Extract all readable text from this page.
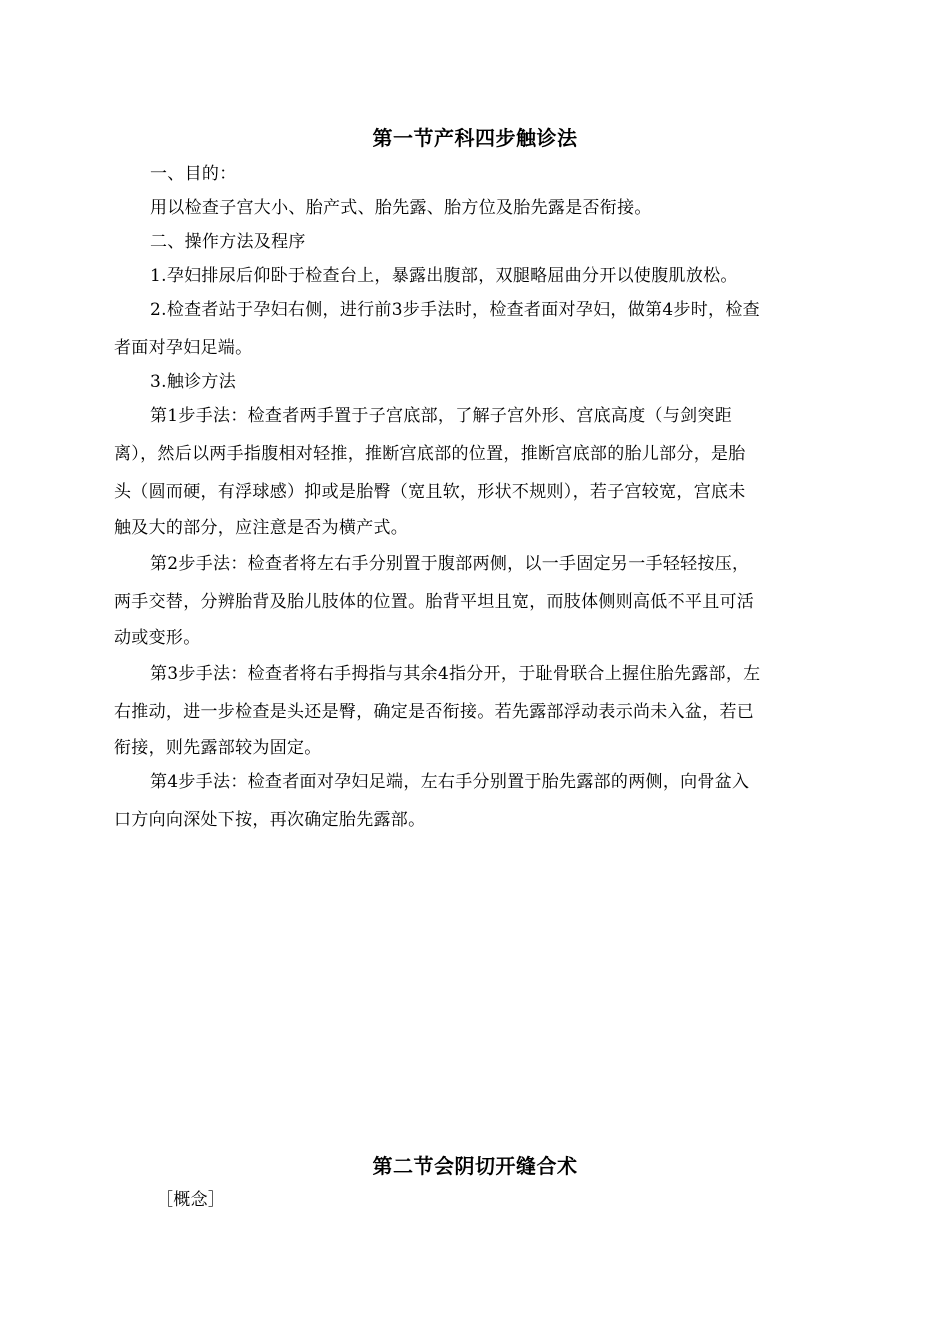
第一节产科四步触诊法
一、目的：
用以检查子宫大小、胎产式、胎先露、胎方位及胎先露是否衔接。
二、操作方法及程序
1.孕妇排尿后仰卧于检查台上，暴露出腹部，双腿略屈曲分开以使腹肌放松。
2.检查者站于孕妇右侧，进行前3步手法时，检查者面对孕妇，做第4步时，检查
者面对孕妇足端。
3.触诊方法
第1步手法：检查者两手置于子宫底部，了解子宫外形、宫底高度（与剑突距
离），然后以两手指腹相对轻推，推断宫底部的位置，推断宫底部的胎儿部分，是胎
头（圆而硬，有浮球感）抑或是胎臀（宽且软，形状不规则），若子宫较宽，宫底未
触及大的部分，应注意是否为横产式。
第2步手法：检查者将左右手分别置于腹部两侧，以一手固定另一手轻轻按压，
两手交替，分辨胎背及胎儿肢体的位置。胎背平坦且宽，而肢体侧则高低不平且可活
动或变形。
第3步手法：检查者将右手拇指与其余4指分开，于耻骨联合上握住胎先露部，左
右推动，进一步检查是头还是臀，确定是否衔接。若先露部浮动表示尚未入盆，若已
衔接，则先露部较为固定。
第4步手法：检查者面对孕妇足端，左右手分别置于胎先露部的两侧，向骨盆入
口方向向深处下按，再次确定胎先露部。
第二节会阴切开缝合术
［概念］
